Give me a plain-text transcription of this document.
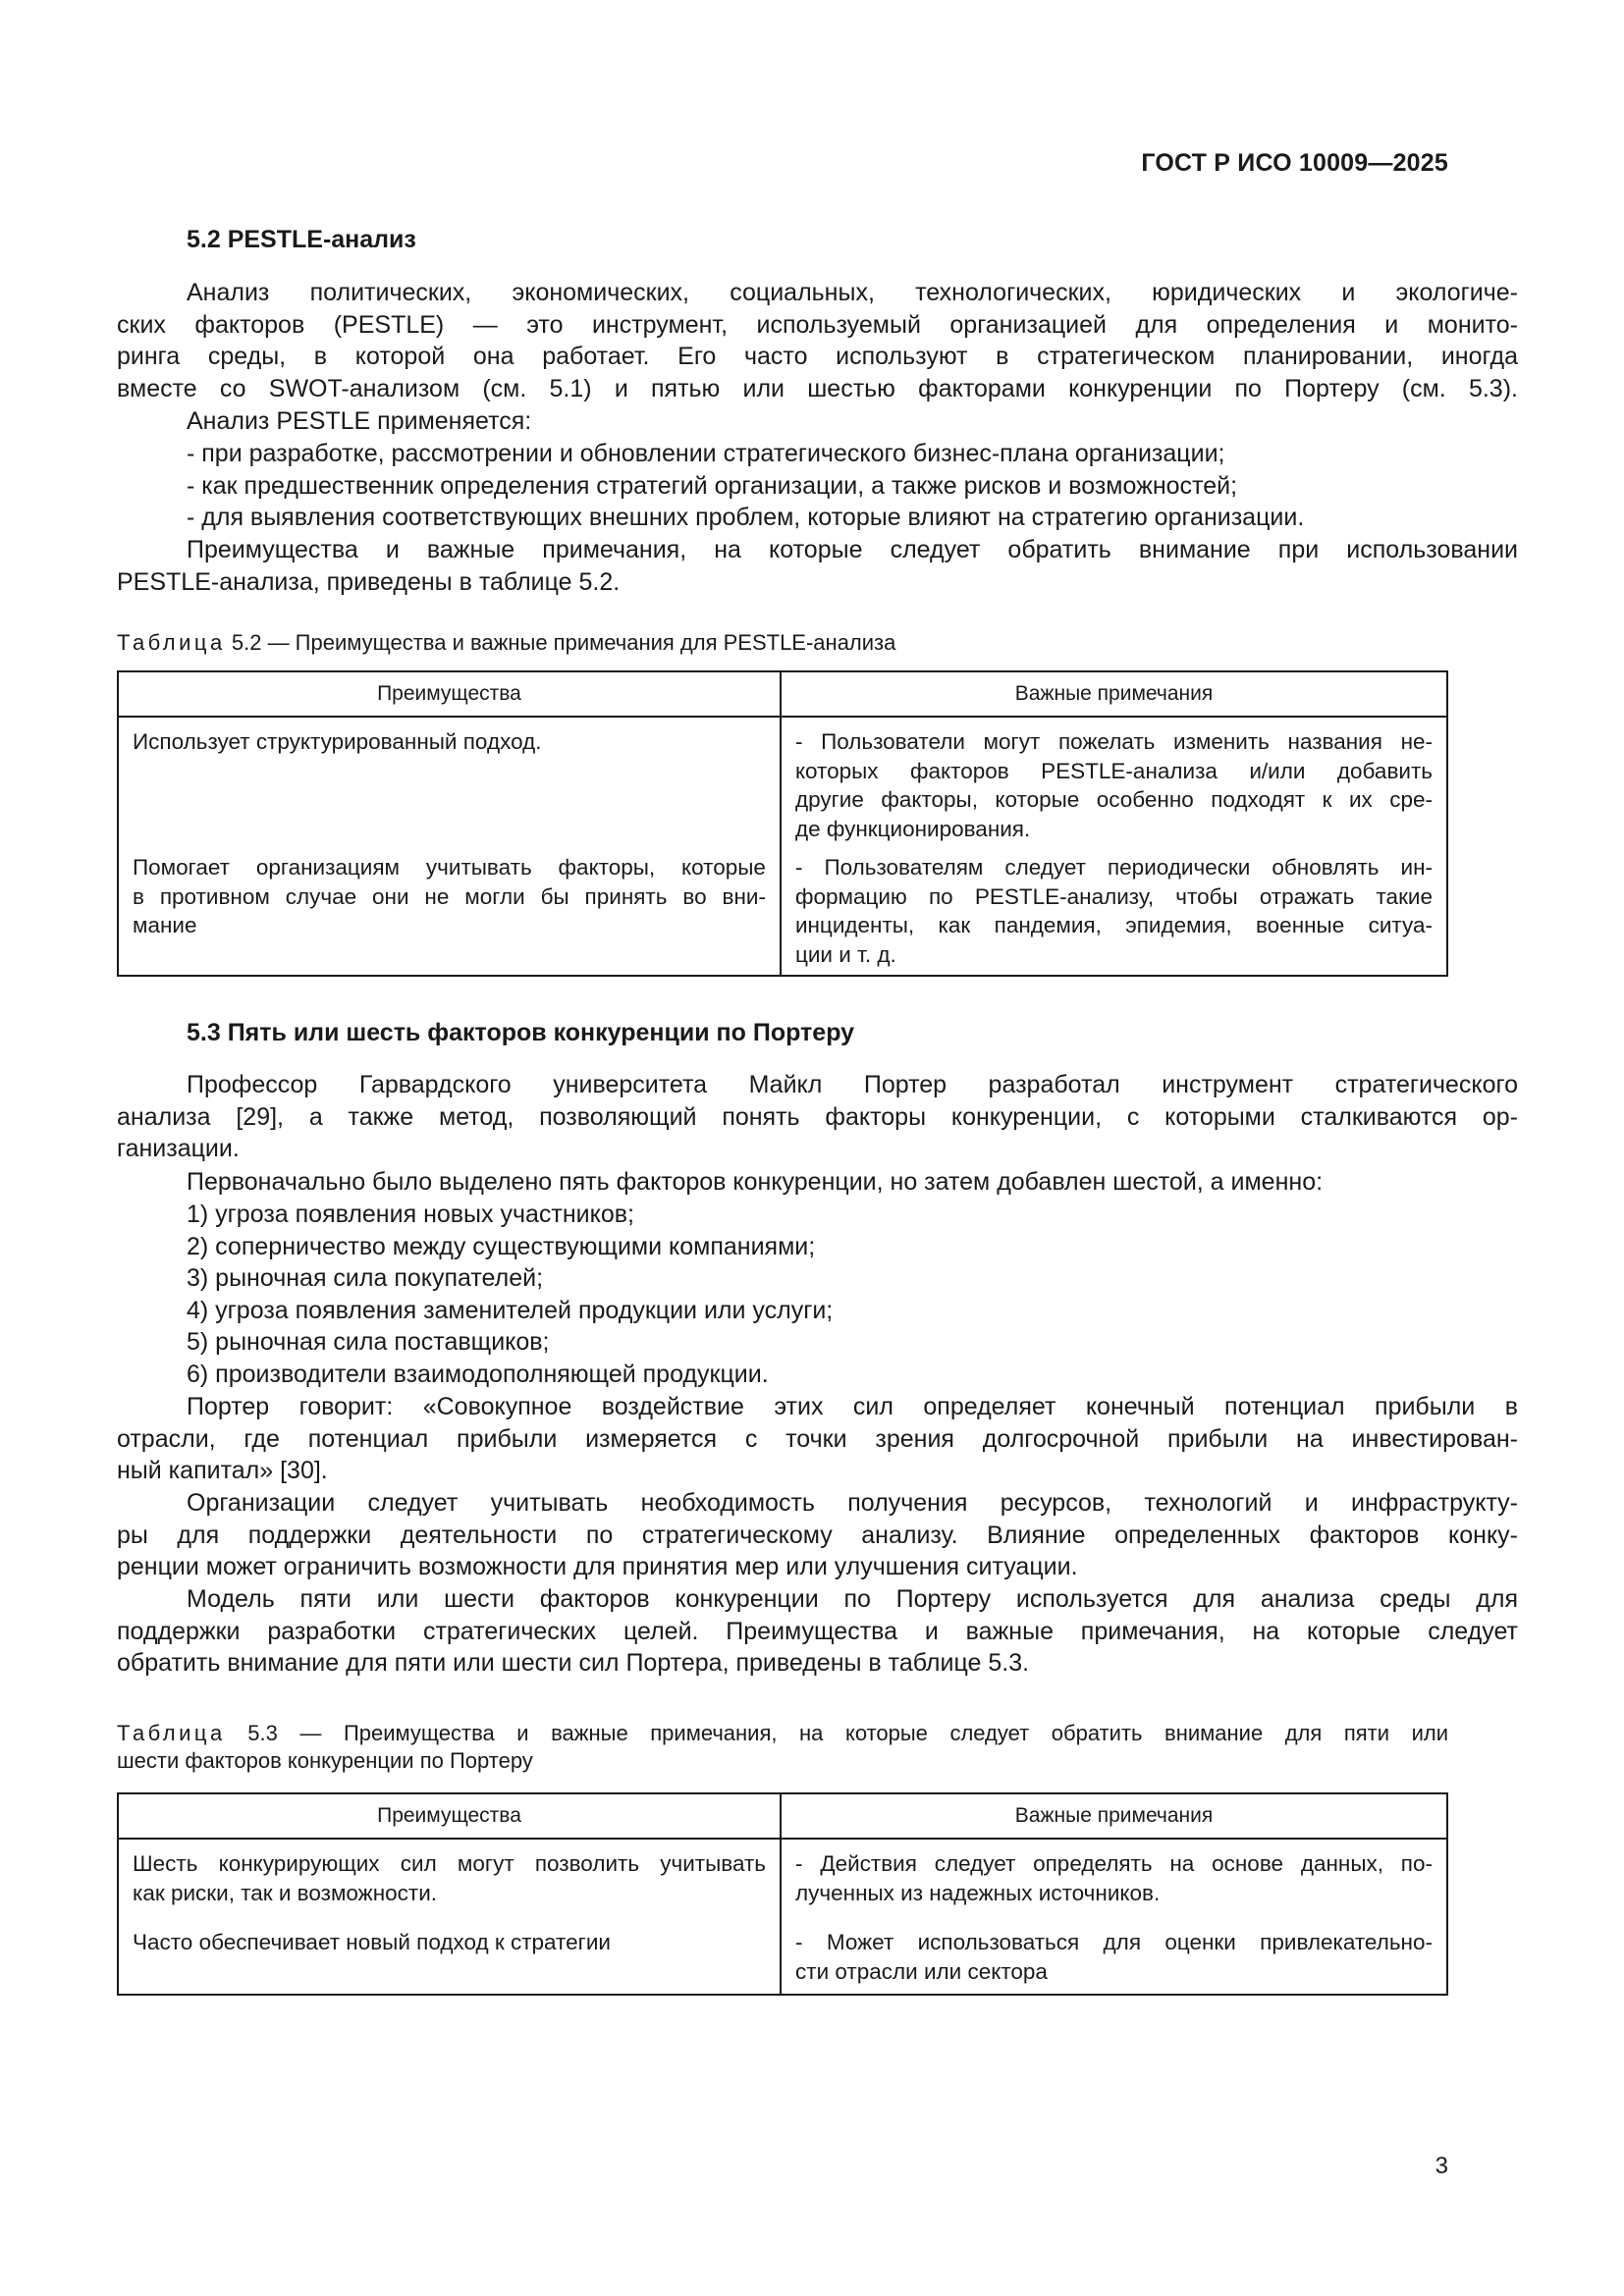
ГОСТ Р ИСО 10009—2025
5.2 PESTLE-анализ
Анализ политических, экономических, социальных, технологических, юридических и экологиче-
ских факторов (PESTLE) — это инструмент, используемый организацией для определения и монито-
ринга среды, в которой она работает. Его часто используют в стратегическом планировании, иногда
вместе со SWOT-анализом (см. 5.1) и пятью или шестью факторами конкуренции по Портеру (см. 5.3).
Анализ PESTLE применяется:
- при разработке, рассмотрении и обновлении стратегического бизнес-плана организации;
- как предшественник определения стратегий организации, а также рисков и возможностей;
- для выявления соответствующих внешних проблем, которые влияют на стратегию организации.
Преимущества и важные примечания, на которые следует обратить внимание при использовании
PESTLE-анализа, приведены в таблице 5.2.
Таблица 5.2 — Преимущества и важные примечания для PESTLE-анализа
Преимущества	Важные примечания

Использует структурированный подход.	- Пользователи могут пожелать изменить названия не-
которых факторов PESTLE-анализа и/или добавить
другие факторы, которые особенно подходят к их сре-
де функционирования.

Помогает организациям учитывать факторы, которые
в противном случае они не могли бы принять во вни-
мание	- Пользователям следует периодически обновлять ин-
формацию по PESTLE-анализу, чтобы отражать такие
инциденты, как пандемия, эпидемия, военные ситуа-
ции и т. д.
5.3 Пять или шесть факторов конкуренции по Портеру
Профессор Гарвардского университета Майкл Портер разработал инструмент стратегического
анализа [29], а также метод, позволяющий понять факторы конкуренции, с которыми сталкиваются ор-
ганизации.
Первоначально было выделено пять факторов конкуренции, но затем добавлен шестой, а именно:
1) угроза появления новых участников;
2) соперничество между существующими компаниями;
3) рыночная сила покупателей;
4) угроза появления заменителей продукции или услуги;
5) рыночная сила поставщиков;
6) производители взаимодополняющей продукции.
Портер говорит: «Совокупное воздействие этих сил определяет конечный потенциал прибыли в
отрасли, где потенциал прибыли измеряется с точки зрения долгосрочной прибыли на инвестирован-
ный капитал» [30].
Организации следует учитывать необходимость получения ресурсов, технологий и инфраструкту-
ры для поддержки деятельности по стратегическому анализу. Влияние определенных факторов конку-
ренции может ограничить возможности для принятия мер или улучшения ситуации.
Модель пяти или шести факторов конкуренции по Портеру используется для анализа среды для
поддержки разработки стратегических целей. Преимущества и важные примечания, на которые следует
обратить внимание для пяти или шести сил Портера, приведены в таблице 5.3.
Таблица 5.3 — Преимущества и важные примечания, на которые следует обратить внимание для пяти или
шести факторов конкуренции по Портеру
Преимущества	Важные примечания

Шесть конкурирующих сил могут позволить учитывать
как риски, так и возможности.	- Действия следует определять на основе данных, по-
лученных из надежных источников.

Часто обеспечивает новый подход к стратегии	- Может использоваться для оценки привлекательно-
сти отрасли или сектора
3
